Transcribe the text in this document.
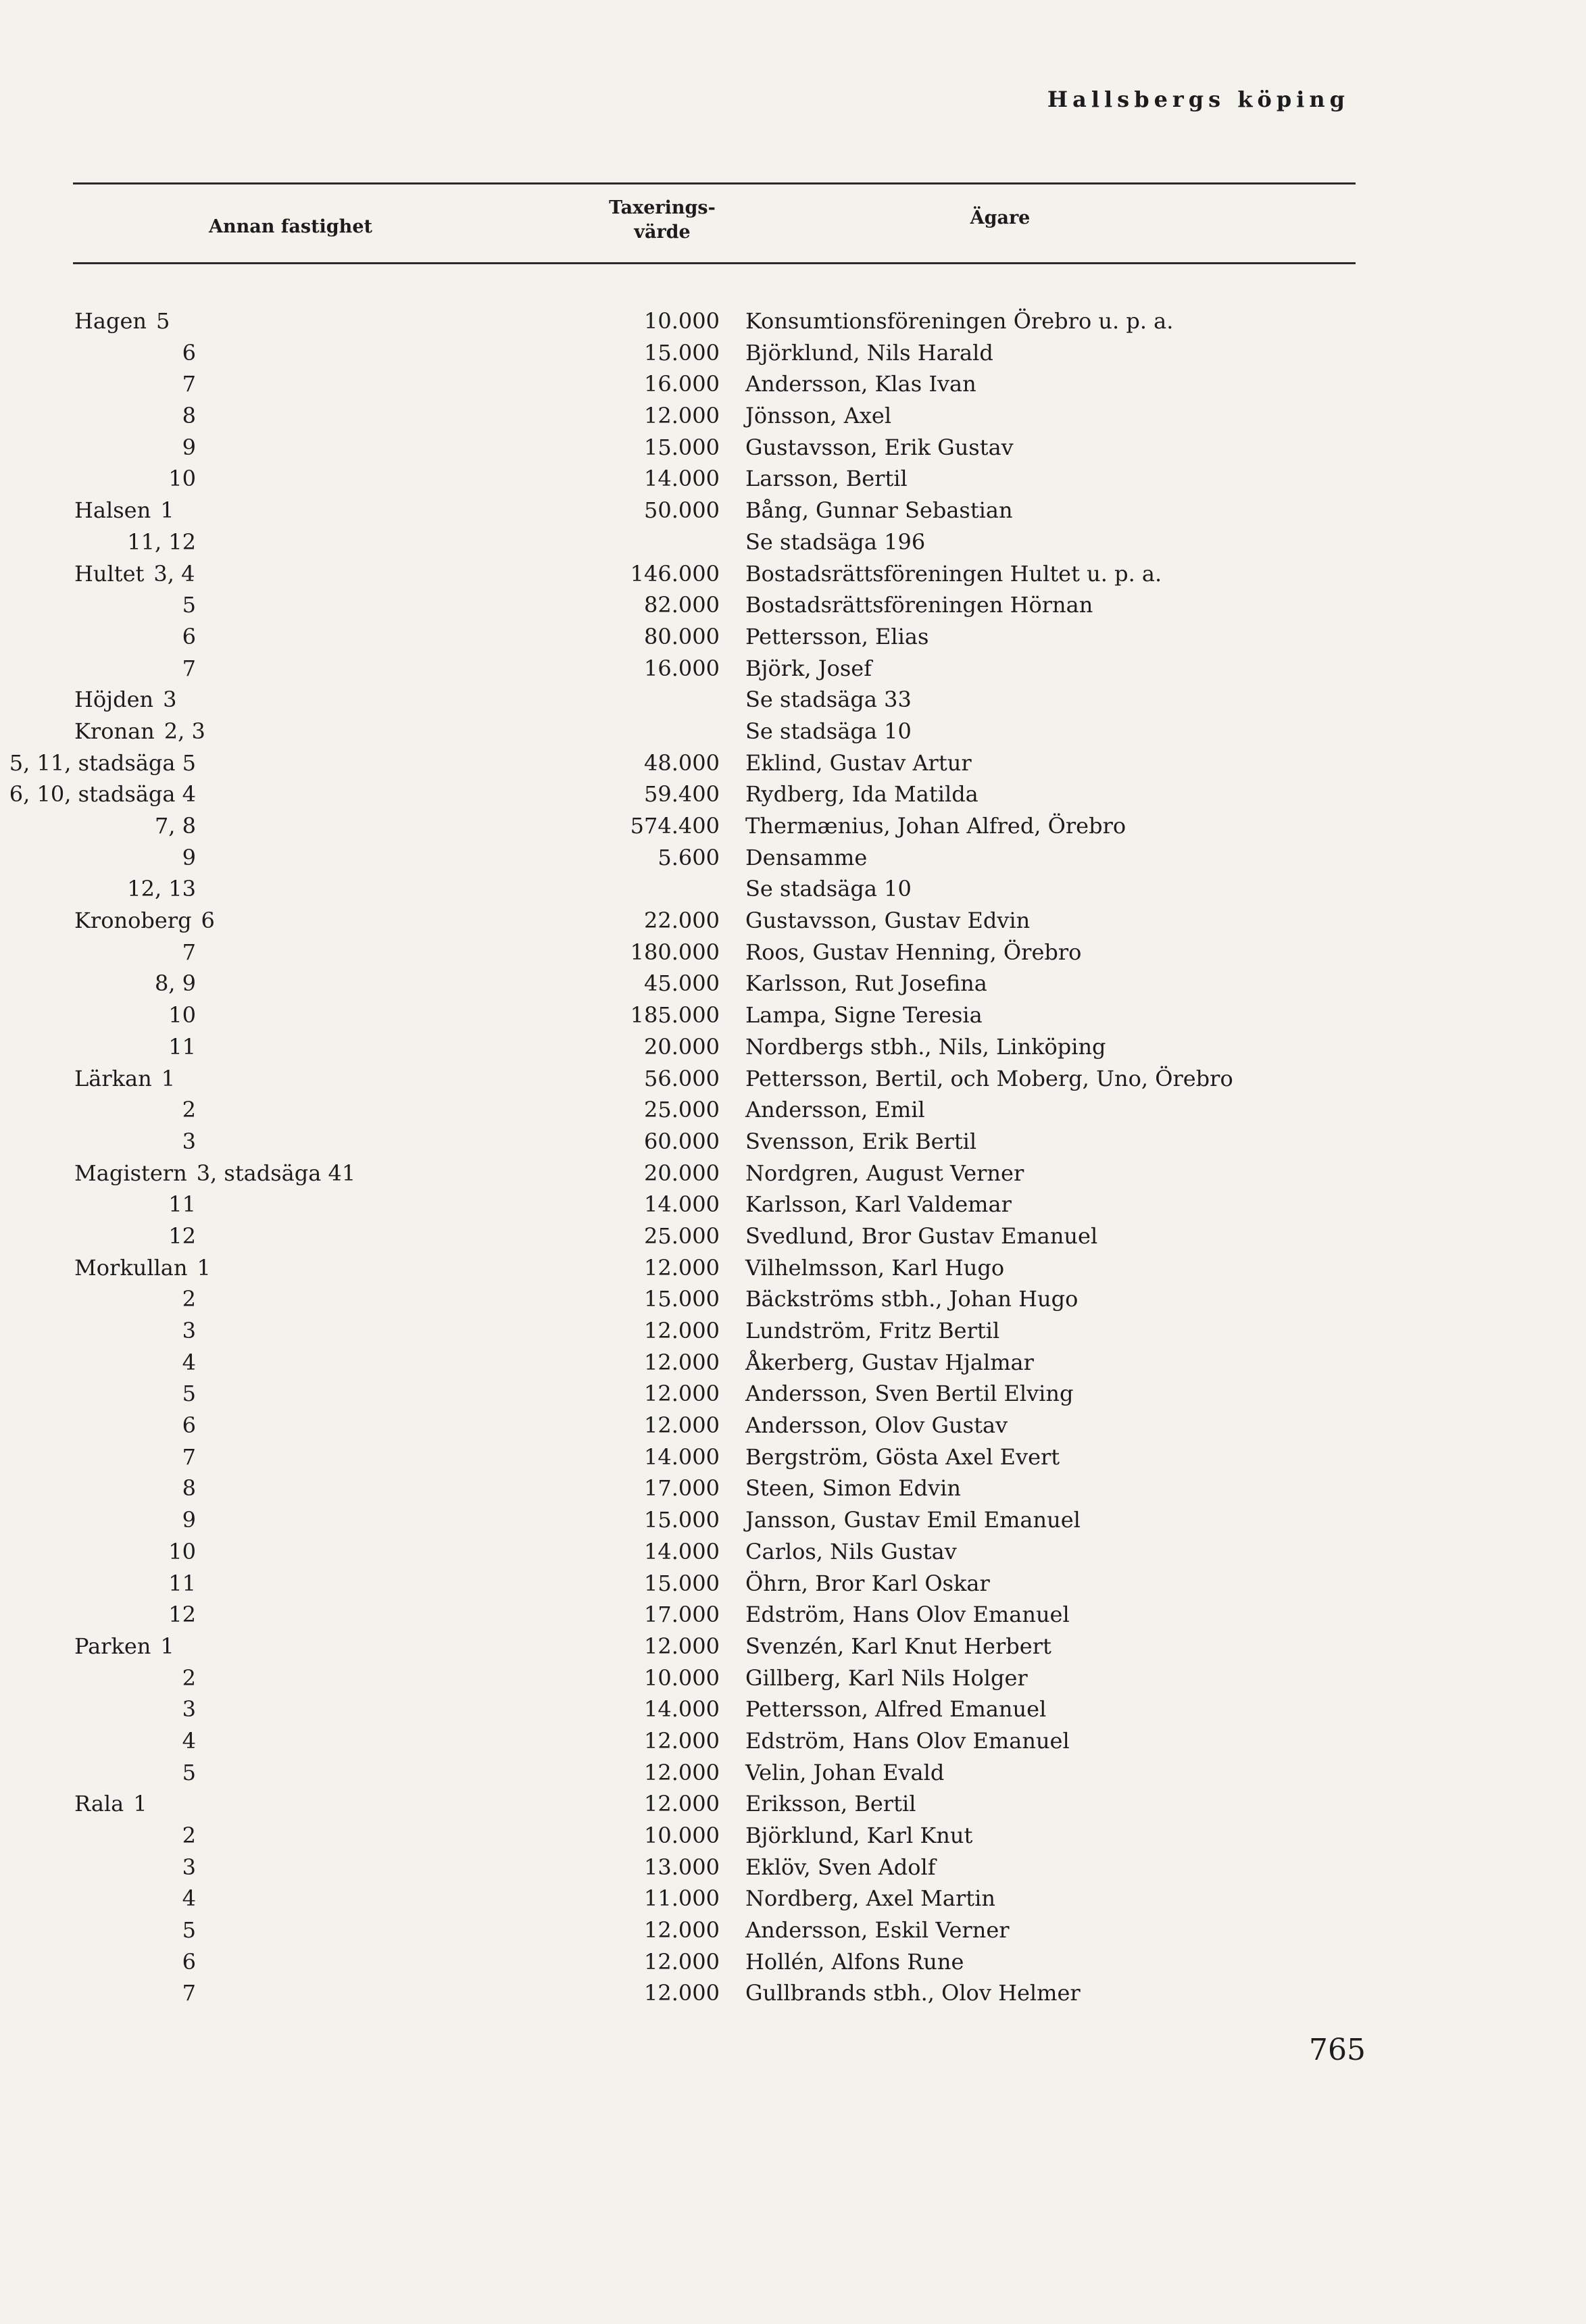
Hallsbergs köping
Annan fastighet
Taxerings-
värde
Ägare
Hagen 5	10.000 Konsumtionsföreningen Örebro u. p. a.
6	15.000 Björklund, Nils Harald
7	16.000 Andersson, Klas Ivan
8	12.000 Jönsson, Axel
9	15.000 Gustavsson, Erik Gustav
10	14.000 Larsson, Bertil
Halsen 1	50.000 Bång, Gunnar Sebastian
11, 12	Se stadsäga 196
Hultet 3, 4	146.000 Bostadsrättsföreningen Hultet u. p. a.
5	82.000 Bostadsrättsföreningen Hörnan
6	80.000 Pettersson, Elias
7	16.000 Björk, Josef
Höjden 3	Se stadsäga 33
Kronan 2, 3	Se stadsäga 10
5, 11, stadsäga 5	48.000 Eklind, Gustav Artur
6, 10, stadsäga 4	59.400 Rydberg, Ida Matilda
7, 8	574.400 Thermænius, Johan Alfred, Örebro
9	5.600 Densamme
12, 13	Se stadsäga 10
Kronoberg 6	22.000 Gustavsson, Gustav Edvin
7	180.000 Roos, Gustav Henning, Örebro
8, 9	45.000 Karlsson, Rut Josefina
10	185.000 Lampa, Signe Teresia
11	20.000 Nordbergs stbh., Nils, Linköping
Lärkan 1	56.000 Pettersson, Bertil, och Moberg, Uno, Örebro
2	25.000 Andersson, Emil
3	60.000 Svensson, Erik Bertil
Magistern 3, stadsäga 41	20.000 Nordgren, August Verner
11	14.000 Karlsson, Karl Valdemar
12	25.000 Svedlund, Bror Gustav Emanuel
Morkullan 1	12.000 Vilhelmsson, Karl Hugo
2	15.000 Bäckströms stbh., Johan Hugo
3	12.000 Lundström, Fritz Bertil
4	12.000 Åkerberg, Gustav Hjalmar
5	12.000 Andersson, Sven Bertil Elving
6	12.000 Andersson, Olov Gustav
7	14.000 Bergström, Gösta Axel Evert
8	17.000 Steen, Simon Edvin
9	15.000 Jansson, Gustav Emil Emanuel
10	14.000 Carlos, Nils Gustav
11	15.000 Öhrn, Bror Karl Oskar
12	17.000 Edström, Hans Olov Emanuel
Parken 1	12.000 Svenzén, Karl Knut Herbert
2	10.000 Gillberg, Karl Nils Holger
3	14.000 Pettersson, Alfred Emanuel
4	12.000 Edström, Hans Olov Emanuel
5	12.000 Velin, Johan Evald
Rala 1	12.000 Eriksson, Bertil
2	10.000 Björklund, Karl Knut
3	13.000 Eklöv, Sven Adolf
4	11.000 Nordberg, Axel Martin
5	12.000 Andersson, Eskil Verner
6	12.000 Hollén, Alfons Rune
7	12.000 Gullbrands stbh., Olov Helmer
765
